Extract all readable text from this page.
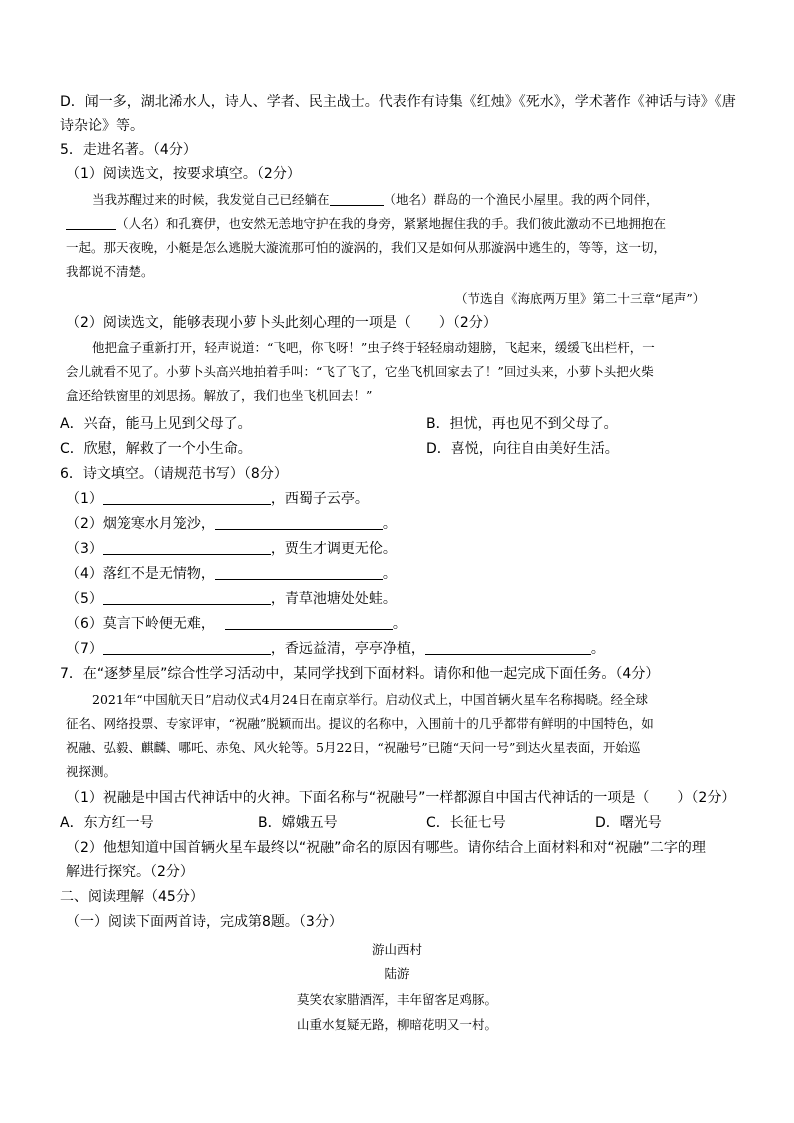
D．闻一多，湖北浠水人，诗人、学者、民主战士。代表作有诗集《红烛》《死水》，学术著作《神话与诗》《唐
诗杂论》等。
5．走进名著。（4分）
（1）阅读选文，按要求填空。（2分）
当我苏醒过来的时候，我发觉自己已经躺在	（地名）群岛的一个渔民小屋里。我的两个同伴，
（人名）和孔赛伊，也安然无恙地守护在我的身旁，紧紧地握住我的手。我们彼此激动不已地拥抱在
一起。那天夜晚，小艇是怎么逃脱大漩流那可怕的漩涡的，我们又是如何从那漩涡中逃生的，等等，这一切，
我都说不清楚。
（节选自《海底两万里》第二十三章“尾声”）
（2）阅读选文，能够表现小萝卜头此刻心理的一项是（　　）（2分）
他把盒子重新打开，轻声说道：“飞吧，你飞呀！”虫子终于轻轻扇动翅膀，飞起来，缓缓飞出栏杆，一
会儿就看不见了。小萝卜头高兴地拍着手叫：“飞了飞了，它坐飞机回家去了！”回过头来，小萝卜头把火柴
盒还给铁窗里的刘思扬。解放了，我们也坐飞机回去！”
A．兴奋，能马上见到父母了。	B．担忧，再也见不到父母了。
C．欣慰，解救了一个小生命。	D．喜悦，向往自由美好生活。
6．诗文填空。（请规范书写）（8分）
（1）	，西蜀子云亭。
（2）烟笼寒水月笼沙，	。
（3）	，贾生才调更无伦。
（4）落红不是无情物，	。
（5）	，青草池塘处处蛙。
（6）莫言下岭便无难，	。
（7）	，香远益清，亭亭净植，	。
7．在“逐梦星辰”综合性学习活动中，某同学找到下面材料。请你和他一起完成下面任务。（4分）
2021年“中国航天日”启动仪式4月24日在南京举行。启动仪式上，中国首辆火星车名称揭晓。经全球
征名、网络投票、专家评审，“祝融”脱颖而出。提议的名称中，入围前十的几乎都带有鲜明的中国特色，如
祝融、弘毅、麒麟、哪吒、赤兔、风火轮等。5月22日，“祝融号”已随“天问一号”到达火星表面，开始巡
视探测。
（1）祝融是中国古代神话中的火神。下面名称与“祝融号”一样都源自中国古代神话的一项是（　　）（2分）
A．东方红一号	B．嫦娥五号	C．长征七号	D．曙光号
（2）他想知道中国首辆火星车最终以“祝融”命名的原因有哪些。请你结合上面材料和对“祝融”二字的理
解进行探究。（2分）
二、阅读理解（45分）
（一）阅读下面两首诗，完成第8题。（3分）
游山西村
陆游
莫笑农家腊酒浑，丰年留客足鸡豚。
山重水复疑无路，柳暗花明又一村。
